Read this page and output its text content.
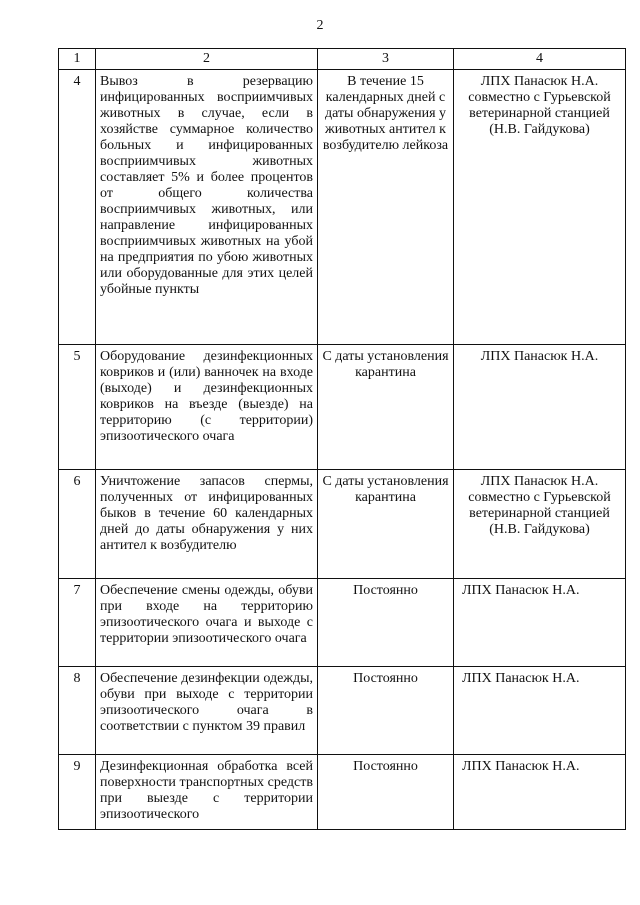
2
1	2	3	4
4	Вывоз в резервацию инфицированных восприимчивых животных в случае, если в хозяйстве суммарное количество больных и инфицированных восприимчивых животных составляет 5% и более процентов от общего количества восприимчивых животных, или направление инфицированных восприимчивых животных на убой на предприятия по убою животных или оборудованные для этих целей убойные пункты	В течение 15 календарных дней с даты обнаружения у животных антител к возбудителю лейкоза	ЛПХ Панасюк Н.А. совместно с Гурьевской ветеринарной станцией (Н.В. Гайдукова)
5	Оборудование дезинфекционных ковриков и (или) ванночек на входе (выходе) и дезинфекционных ковриков на въезде (выезде) на территорию (с территории) эпизоотического очага	С даты установления карантина	ЛПХ Панасюк Н.А.
6	Уничтожение запасов спермы, полученных от инфицированных быков в течение 60 календарных дней до даты обнаружения у них антител к возбудителю	С даты установления карантина	ЛПХ Панасюк Н.А. совместно с Гурьевской ветеринарной станцией (Н.В. Гайдукова)
7	Обеспечение смены одежды, обуви при входе на территорию эпизоотического очага и выходе с территории эпизоотического очага	Постоянно	ЛПХ Панасюк Н.А.
8	Обеспечение дезинфекции одежды, обуви при выходе с территории эпизоотического очага в соответствии с пунктом 39 правил	Постоянно	ЛПХ Панасюк Н.А.
9	Дезинфекционная обработка всей поверхности транспортных средств при выезде с территории эпизоотического	Постоянно	ЛПХ Панасюк Н.А.
